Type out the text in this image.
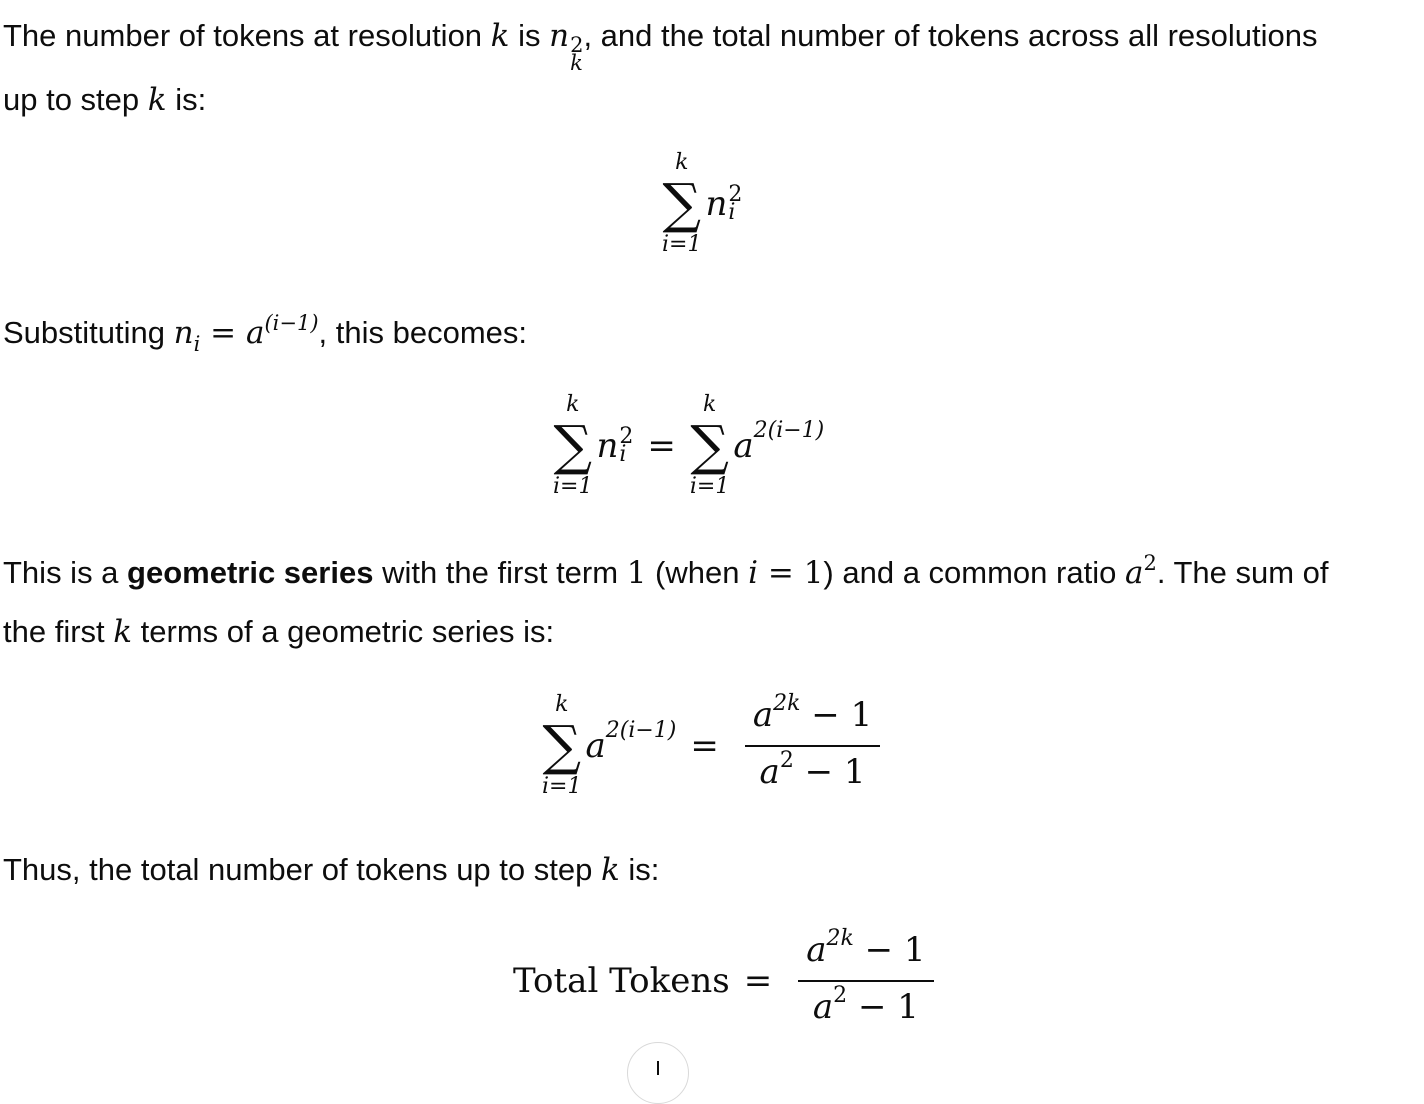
The number of tokens at resolution k is n 2
k
, and the total number of tokens across all resolutions
up to step k is:

k
∑
i=1
n 2
i

Substituting $n_i = a^{(i-1)}$, this becomes:

k
∑
i=1
n 2
i =
k
∑
i=1
a 2(i−1)

This is a geometric series with the first term 1 (when i = 1) and a common ratio $a^2$. The sum of
the first k terms of a geometric series is:

k
∑
i=1
a $2(i-1) = \frac{a^{2k} - 1}{a^2 - 1}$

Thus, the total number of tokens up to step k is:

Total Tokens = $\frac{a^{2k} - 1}{a^2 - 1}$
